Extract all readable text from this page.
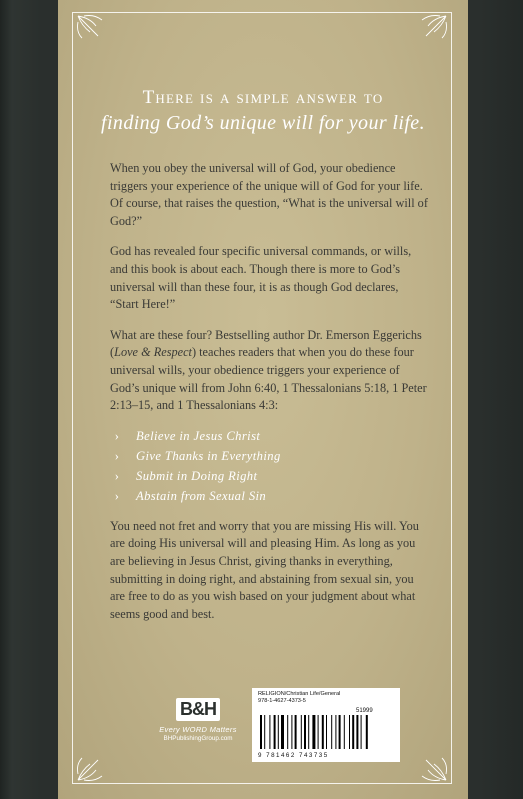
There is a simple answer to
finding God’s unique will for your life.

When you obey the universal will of God, your obedience triggers your experience of the unique will of God for your life. Of course, that raises the question, “What is the universal will of God?”

God has revealed four specific universal commands, or wills, and this book is about each. Though there is more to God’s universal will than these four, it is as though God declares, “Start Here!”

What are these four? Bestselling author Dr. Emerson Eggerichs (Love & Respect) teaches readers that when you do these four universal wills, your obedience triggers your experience of God’s unique will from John 6:40, 1 Thessalonians 5:18, 1 Peter 2:13–15, and 1 Thessalonians 4:3:

›	Believe in Jesus Christ
›	Give Thanks in Everything
›	Submit in Doing Right
›	Abstain from Sexual Sin

You need not fret and worry that you are missing His will. You are doing His universal will and pleasing Him. As long as you are believing in Jesus Christ, giving thanks in everything, submitting in doing right, and abstaining from sexual sin, you are free to do as you wish based on your judgment about what seems good and best.

B&H
Every WORD Matters
BHPublishingGroup.com
RELIGION/Christian Life/General
978-1-4627-4373-5
51999
9 781462 743735
